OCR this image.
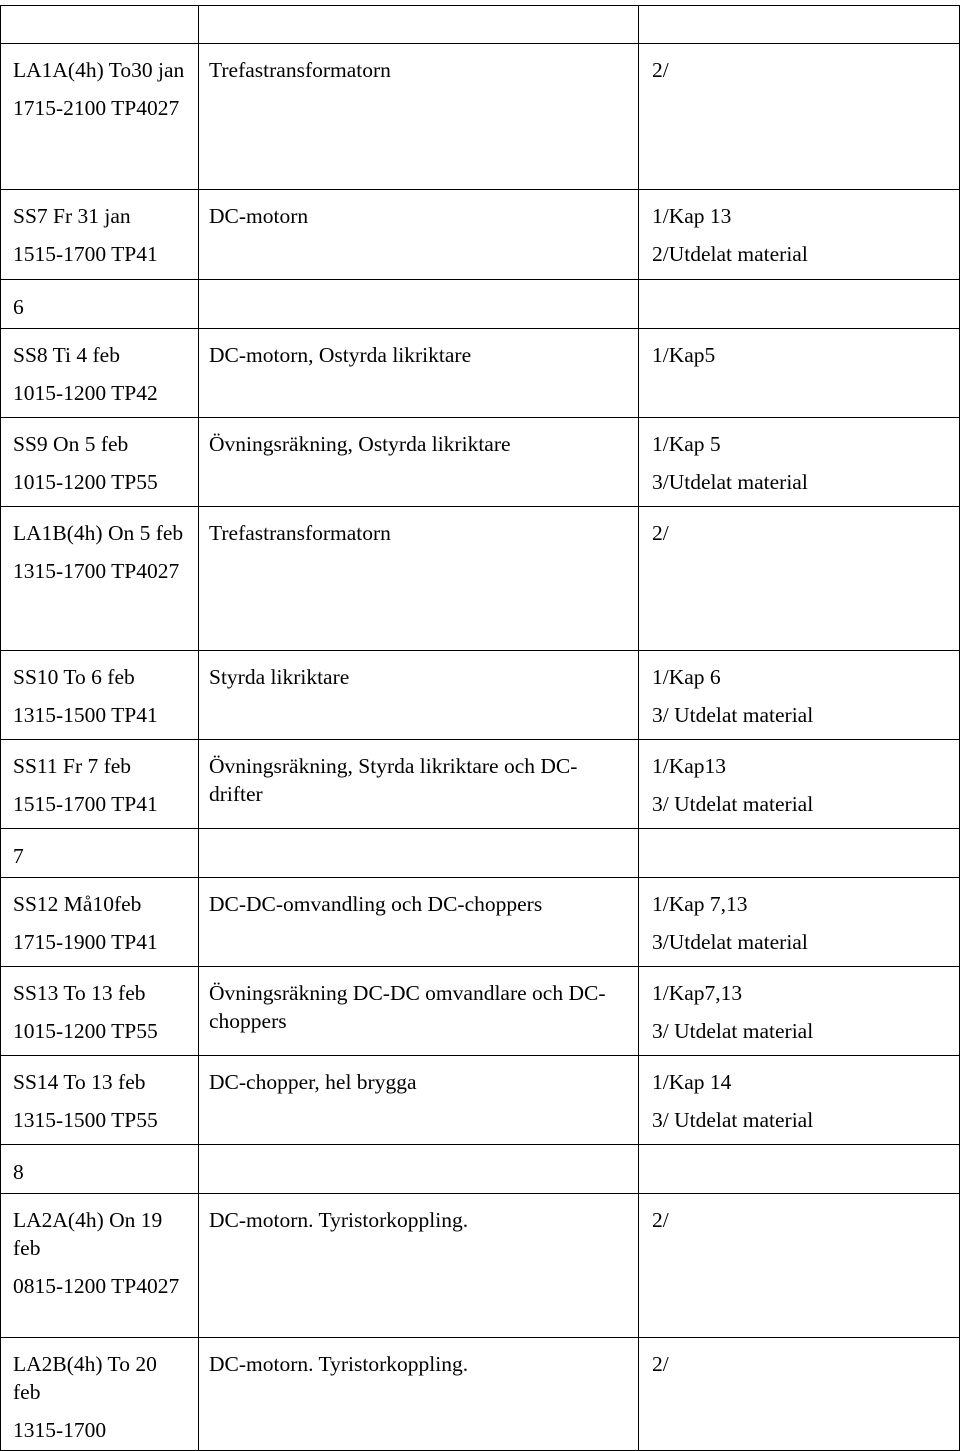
LA1A(4h) To30 jan
1715-2100 TP4027	Trefastransformatorn	2/

SS7 Fr 31 jan
1515-1700 TP41	DC-motorn	1/Kap 13
2/Utdelat material

6		

SS8 Ti 4 feb
1015-1200 TP42	DC-motorn, Ostyrda likriktare	1/Kap5

SS9 On 5 feb
1015-1200 TP55	Övningsräkning, Ostyrda likriktare	1/Kap 5
3/Utdelat material

LA1B(4h) On 5 feb
1315-1700 TP4027	Trefastransformatorn	2/

SS10 To 6 feb
1315-1500 TP41	Styrda likriktare	1/Kap 6
3/ Utdelat material

SS11 Fr 7 feb
1515-1700 TP41	Övningsräkning, Styrda likriktare och DC-drifter	1/Kap13
3/ Utdelat material

7		

SS12 Må10feb
1715-1900 TP41	DC-DC-omvandling och DC-choppers	1/Kap 7,13
3/Utdelat material

SS13 To 13 feb
1015-1200 TP55	Övningsräkning DC-DC omvandlare och DC-choppers	1/Kap7,13
3/ Utdelat material

SS14 To 13 feb
1315-1500 TP55	DC-chopper, hel brygga	1/Kap 14
3/ Utdelat material

8		

LA2A(4h) On 19 feb
0815-1200 TP4027	DC-motorn. Tyristorkoppling.	2/

LA2B(4h) To 20 feb
1315-1700	DC-motorn. Tyristorkoppling.	2/
